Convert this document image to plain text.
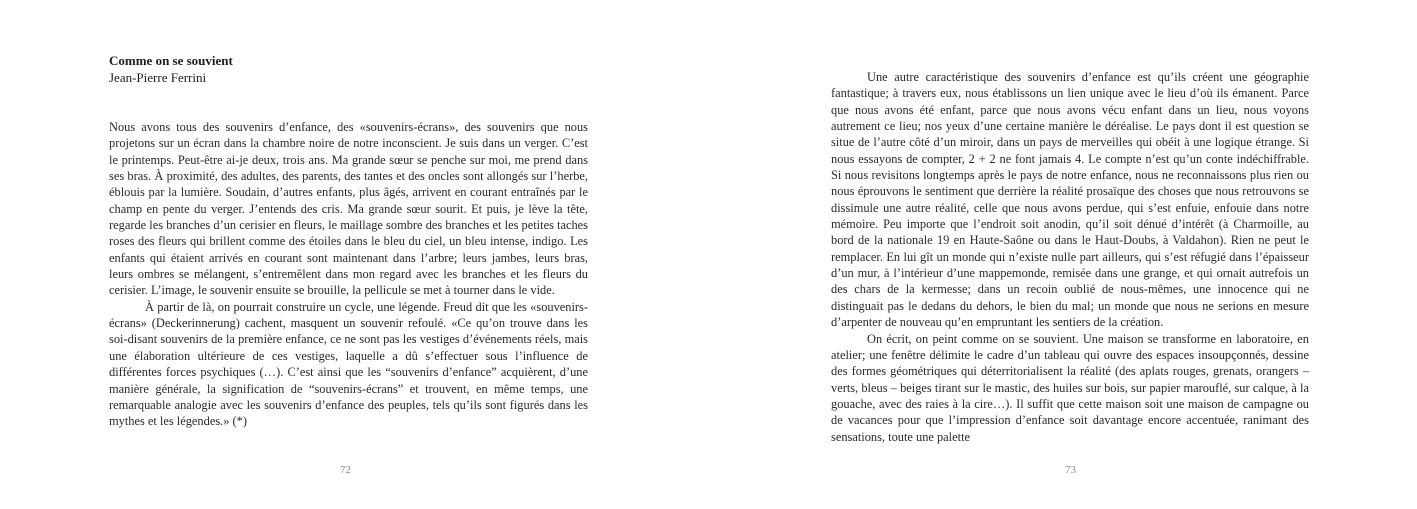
Comme on se souvient
Jean-Pierre Ferrini

Nous avons tous des souvenirs d’enfance, des «souvenirs-écrans», des souvenirs que nous projetons sur un écran dans la chambre noire de notre inconscient. Je suis dans un verger. C’est le printemps. Peut-être ai-je deux, trois ans. Ma grande sœur se penche sur moi, me prend dans ses bras. À proximité, des adultes, des parents, des tantes et des oncles sont allongés sur l’herbe, éblouis par la lumière. Soudain, d’autres enfants, plus âgés, arrivent en courant entraînés par le champ en pente du verger. J’entends des cris. Ma grande sœur sourit. Et puis, je lève la tête, regarde les branches d’un cerisier en fleurs, le maillage sombre des branches et les petites taches roses des fleurs qui brillent comme des étoiles dans le bleu du ciel, un bleu intense, indigo. Les enfants qui étaient arrivés en courant sont maintenant dans l’arbre; leurs jambes, leurs bras, leurs ombres se mélangent, s’entremêlent dans mon regard avec les branches et les fleurs du cerisier. L’image, le souvenir ensuite se brouille, la pellicule se met à tourner dans le vide.

À partir de là, on pourrait construire un cycle, une légende. Freud dit que les «souvenirs-écrans» (Deckerinnerung) cachent, masquent un souvenir refoulé. «Ce qu’on trouve dans les soi-disant souvenirs de la première enfance, ce ne sont pas les vestiges d’événements réels, mais une élaboration ultérieure de ces vestiges, laquelle a dû s’effectuer sous l’influence de différentes forces psychiques (…). C’est ainsi que les “souvenirs d’enfance” acquièrent, d’une manière générale, la signification de “souvenirs-écrans” et trouvent, en même temps, une remarquable analogie avec les souvenirs d’enfance des peuples, tels qu’ils sont figurés dans les mythes et les légendes.» (*)

72

Une autre caractéristique des souvenirs d’enfance est qu’ils créent une géographie fantastique; à travers eux, nous établissons un lien unique avec le lieu d’où ils émanent. Parce que nous avons été enfant, parce que nous avons vécu enfant dans un lieu, nous voyons autrement ce lieu; nos yeux d’une certaine manière le déréalise. Le pays dont il est question se situe de l’autre côté d’un miroir, dans un pays de merveilles qui obéit à une logique étrange. Si nous essayons de compter, 2 + 2 ne font jamais 4. Le compte n’est qu’un conte indéchiffrable. Si nous revisitons longtemps après le pays de notre enfance, nous ne reconnaissons plus rien ou nous éprouvons le sentiment que derrière la réalité prosaïque des choses que nous retrouvons se dissimule une autre réalité, celle que nous avons perdue, qui s’est enfuie, enfouie dans notre mémoire. Peu importe que l’endroit soit anodin, qu’il soit dénué d’intérêt (à Charmoille, au bord de la nationale 19 en Haute-Saône ou dans le Haut-Doubs, à Valdahon). Rien ne peut le remplacer. En lui gît un monde qui n’existe nulle part ailleurs, qui s’est réfugié dans l’épaisseur d’un mur, à l’intérieur d’une mappemonde, remisée dans une grange, et qui ornait autrefois un des chars de la kermesse; dans un recoin oublié de nous-mêmes, une innocence qui ne distinguait pas le dedans du dehors, le bien du mal; un monde que nous ne serions en mesure d’arpenter de nouveau qu’en empruntant les sentiers de la création.

On écrit, on peint comme on se souvient. Une maison se transforme en laboratoire, en atelier; une fenêtre délimite le cadre d’un tableau qui ouvre des espaces insoupçonnés, dessine des formes géométriques qui déterritorialisent la réalité (des aplats rouges, grenats, orangers – verts, bleus – beiges tirant sur le mastic, des huiles sur bois, sur papier marouflé, sur calque, à la gouache, avec des raies à la cire…). Il suffit que cette maison soit une maison de campagne ou de vacances pour que l’impression d’enfance soit davantage encore accentuée, ranimant des sensations, toute une palette

73
